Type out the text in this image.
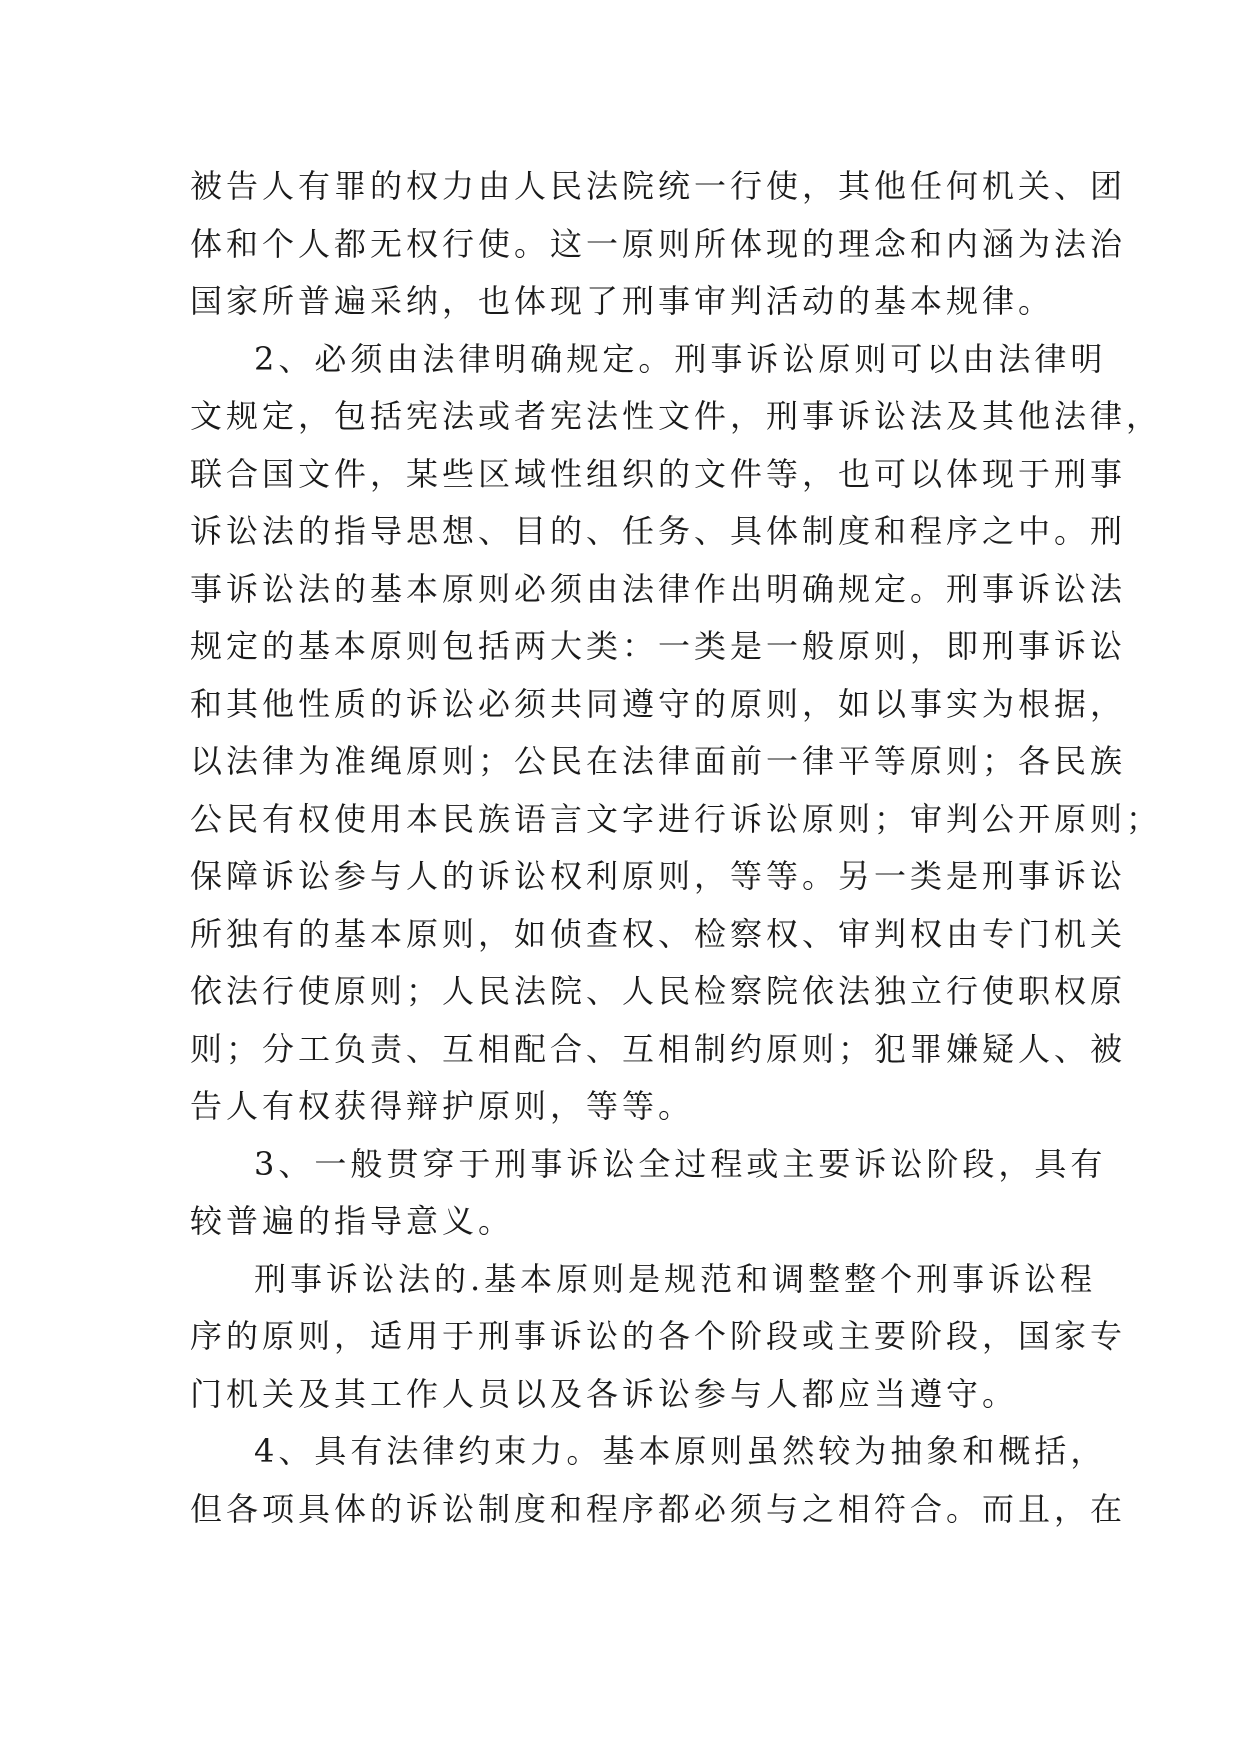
被告人有罪的权力由人民法院统一行使，其他任何机关、团
体和个人都无权行使。这一原则所体现的理念和内涵为法治
国家所普遍采纳，也体现了刑事审判活动的基本规律。
2、必须由法律明确规定。刑事诉讼原则可以由法律明
文规定，包括宪法或者宪法性文件，刑事诉讼法及其他法律，
联合国文件，某些区域性组织的文件等，也可以体现于刑事
诉讼法的指导思想、目的、任务、具体制度和程序之中。刑
事诉讼法的基本原则必须由法律作出明确规定。刑事诉讼法
规定的基本原则包括两大类：一类是一般原则，即刑事诉讼
和其他性质的诉讼必须共同遵守的原则，如以事实为根据，
以法律为准绳原则；公民在法律面前一律平等原则；各民族
公民有权使用本民族语言文字进行诉讼原则；审判公开原则；
保障诉讼参与人的诉讼权利原则，等等。另一类是刑事诉讼
所独有的基本原则，如侦查权、检察权、审判权由专门机关
依法行使原则；人民法院、人民检察院依法独立行使职权原
则；分工负责、互相配合、互相制约原则；犯罪嫌疑人、被
告人有权获得辩护原则，等等。
3、一般贯穿于刑事诉讼全过程或主要诉讼阶段，具有
较普遍的指导意义。
刑事诉讼法的.基本原则是规范和调整整个刑事诉讼程
序的原则，适用于刑事诉讼的各个阶段或主要阶段，国家专
门机关及其工作人员以及各诉讼参与人都应当遵守。
4、具有法律约束力。基本原则虽然较为抽象和概括，
但各项具体的诉讼制度和程序都必须与之相符合。而且，在
